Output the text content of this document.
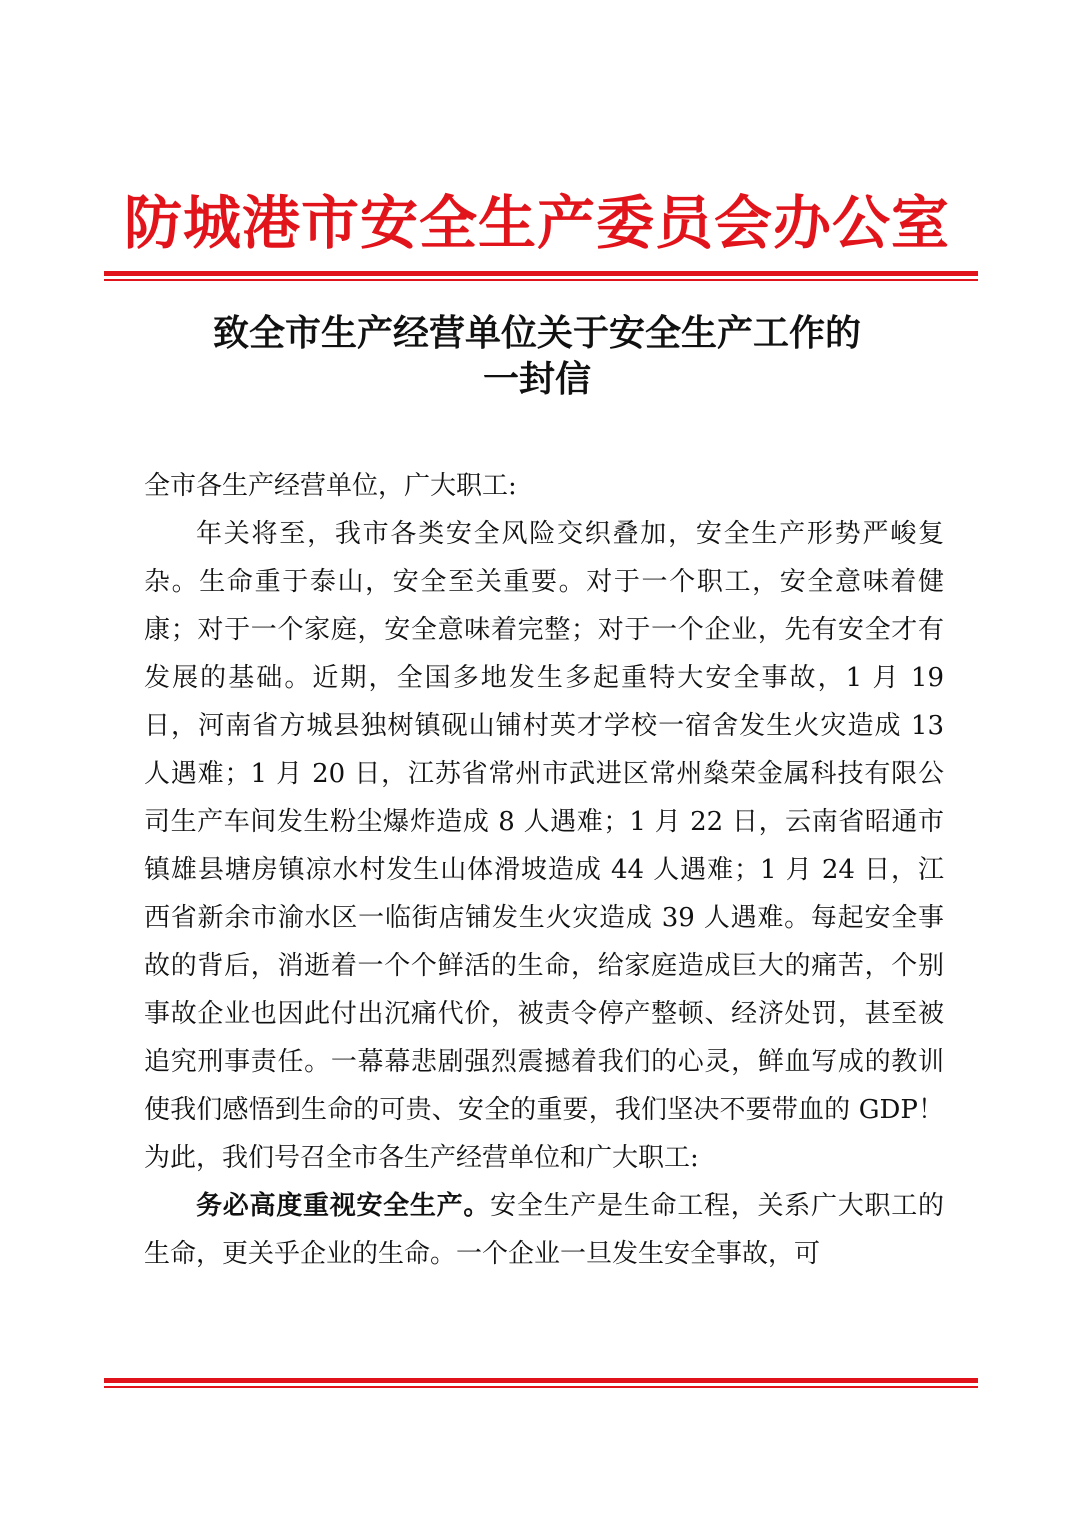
防城港市安全生产委员会办公室
致全市生产经营单位关于安全生产工作的
一封信

全市各生产经营单位，广大职工:

年关将至，我市各类安全风险交织叠加，安全生产形势严峻复杂。生命重于泰山，安全至关重要。对于一个职工，安全意味着健康；对于一个家庭，安全意味着完整；对于一个企业，先有安全才有发展的基础。近期，全国多地发生多起重特大安全事故，1 月 19 日，河南省方城县独树镇砚山铺村英才学校一宿舍发生火灾造成 13 人遇难；1 月 20 日，江苏省常州市武进区常州燊荣金属科技有限公司生产车间发生粉尘爆炸造成 8 人遇难；1 月 22 日，云南省昭通市镇雄县塘房镇凉水村发生山体滑坡造成 44 人遇难；1 月 24 日，江西省新余市渝水区一临街店铺发生火灾造成 39 人遇难。每起安全事故的背后，消逝着一个个鲜活的生命，给家庭造成巨大的痛苦，个别事故企业也因此付出沉痛代价，被责令停产整顿、经济处罚，甚至被追究刑事责任。一幕幕悲剧强烈震撼着我们的心灵，鲜血写成的教训使我们感悟到生命的可贵、安全的重要，我们坚决不要带血的 GDP！为此，我们号召全市各生产经营单位和广大职工:

务必高度重视安全生产。安全生产是生命工程，关系广大职工的生命，更关乎企业的生命。一个企业一旦发生安全事故，可
